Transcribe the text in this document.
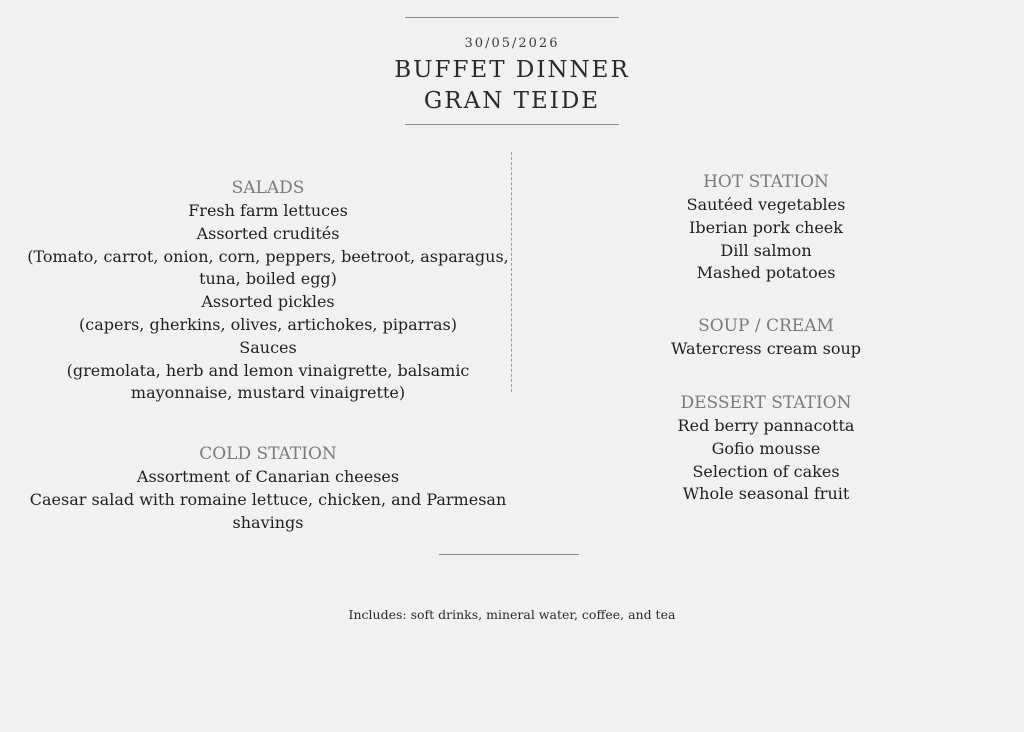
30/05/2026
BUFFET DINNER
GRAN TEIDE
SALADS
Fresh farm lettuces
Assorted crudités
(Tomato, carrot, onion, corn, peppers, beetroot, asparagus,
tuna, boiled egg)
Assorted pickles
(capers, gherkins, olives, artichokes, piparras)
Sauces
(gremolata, herb and lemon vinaigrette, balsamic
mayonnaise, mustard vinaigrette)
COLD STATION
Assortment of Canarian cheeses
Caesar salad with romaine lettuce, chicken, and Parmesan
shavings
HOT STATION
Sautéed vegetables
Iberian pork cheek
Dill salmon
Mashed potatoes
SOUP / CREAM
Watercress cream soup
DESSERT STATION
Red berry pannacotta
Gofio mousse
Selection of cakes
Whole seasonal fruit
Includes: soft drinks, mineral water, coffee, and tea
